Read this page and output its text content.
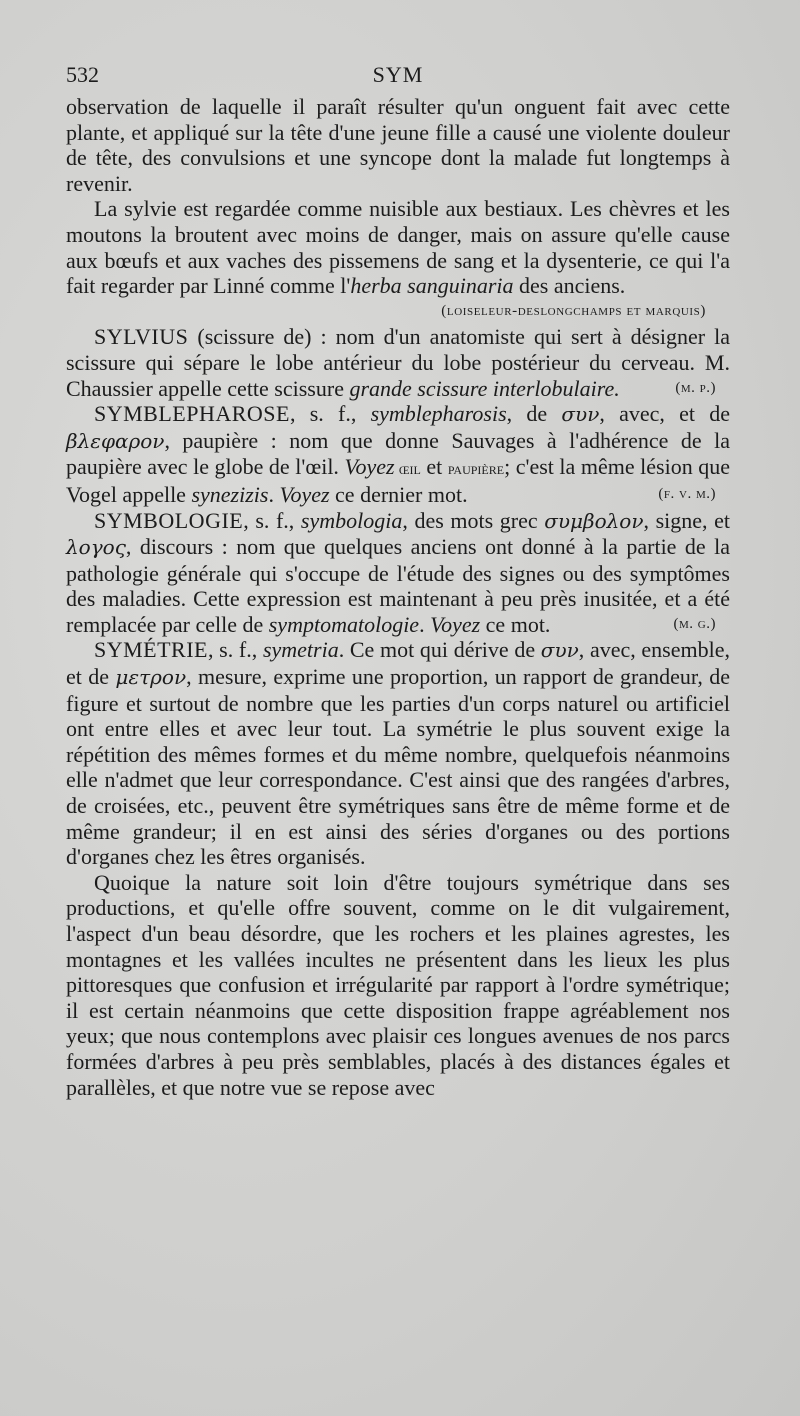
532	SYM

observation de laquelle il paraît résulter qu'un onguent fait avec cette plante, et appliqué sur la tête d'une jeune fille a causé une violente douleur de tête, des convulsions et une syncope dont la malade fut longtemps à revenir.

La sylvie est regardée comme nuisible aux bestiaux. Les chèvres et les moutons la broutent avec moins de danger, mais on assure qu'elle cause aux bœufs et aux vaches des pissemens de sang et la dysenterie, ce qui l'a fait regarder par Linné comme l'herba sanguinaria des anciens.

(loiseleur-deslongchamps et marquis)

SYLVIUS (scissure de) : nom d'un anatomiste qui sert à désigner la scissure qui sépare le lobe antérieur du lobe postérieur du cerveau. M. Chaussier appelle cette scissure grande scissure interlobulaire.	(m. p.)

SYMBLEPHAROSE, s. f., symblepharosis, de συν, avec, et de βλεφαρον, paupière : nom que donne Sauvages à l'adhérence de la paupière avec le globe de l'œil. Voyez œil et paupière; c'est la même lésion que Vogel appelle synezizis. Voyez ce dernier mot.	(f. v. m.)

SYMBOLOGIE, s. f., symbologia, des mots grec συμβολον, signe, et λογος, discours : nom que quelques anciens ont donné à la partie de la pathologie générale qui s'occupe de l'étude des signes ou des symptômes des maladies. Cette expression est maintenant à peu près inusitée, et a été remplacée par celle de symptomatologie. Voyez ce mot.	(m. g.)

SYMÉTRIE, s. f., symetria. Ce mot qui dérive de συν, avec, ensemble, et de μετρον, mesure, exprime une proportion, un rapport de grandeur, de figure et surtout de nombre que les parties d'un corps naturel ou artificiel ont entre elles et avec leur tout. La symétrie le plus souvent exige la répétition des mêmes formes et du même nombre, quelquefois néanmoins elle n'admet que leur correspondance. C'est ainsi que des rangées d'arbres, de croisées, etc., peuvent être symétriques sans être de même forme et de même grandeur; il en est ainsi des séries d'organes ou des portions d'organes chez les êtres organisés.

Quoique la nature soit loin d'être toujours symétrique dans ses productions, et qu'elle offre souvent, comme on le dit vulgairement, l'aspect d'un beau désordre, que les rochers et les plaines agrestes, les montagnes et les vallées incultes ne présentent dans les lieux les plus pittoresques que confusion et irrégularité par rapport à l'ordre symétrique; il est certain néanmoins que cette disposition frappe agréablement nos yeux; que nous contemplons avec plaisir ces longues avenues de nos parcs formées d'arbres à peu près semblables, placés à des distances égales et parallèles, et que notre vue se repose avec
